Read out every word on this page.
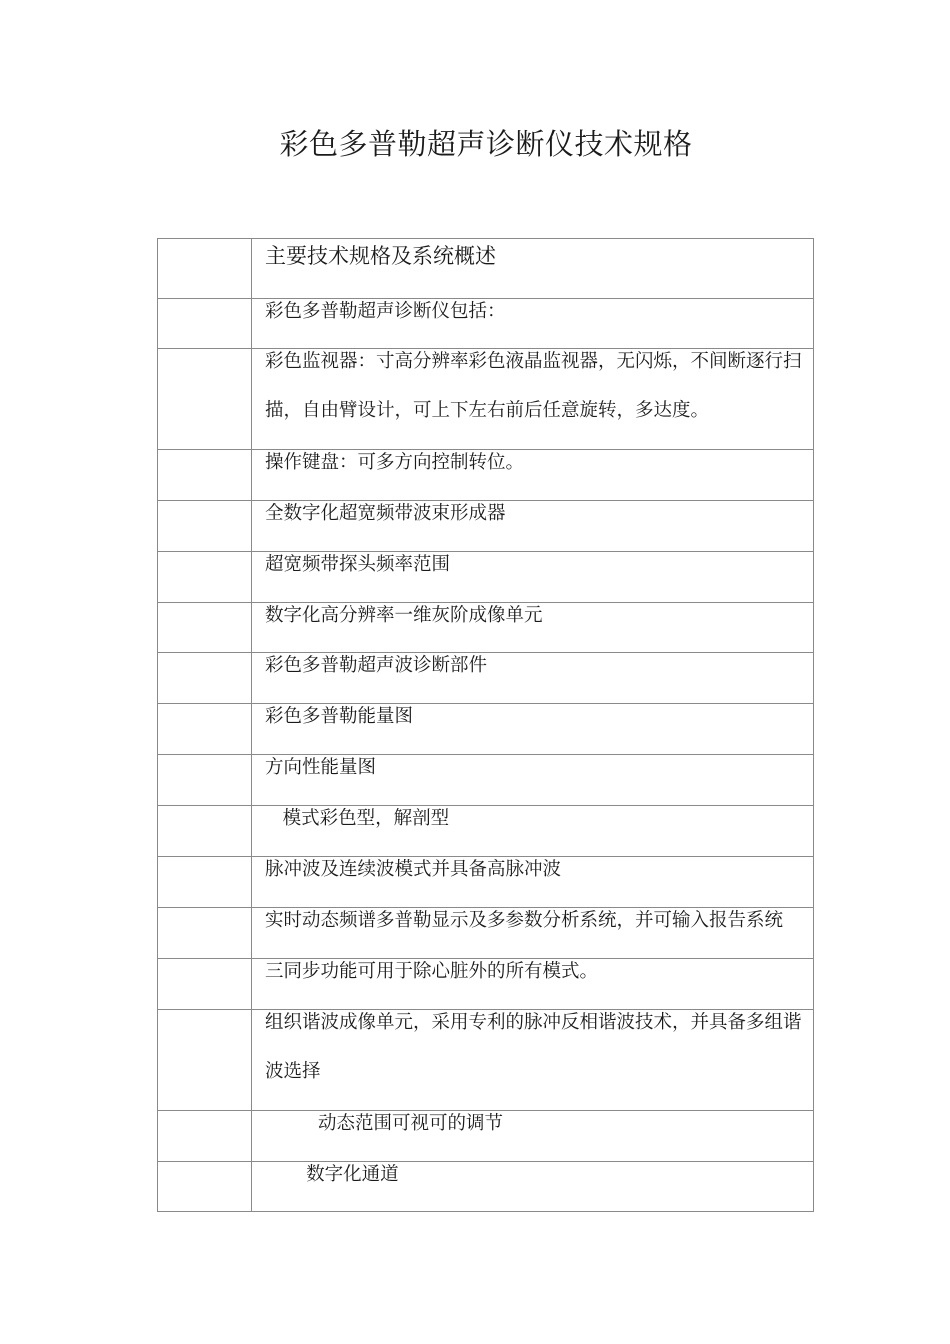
彩色多普勒超声诊断仪技术规格

	主要技术规格及系统概述

	彩色多普勒超声诊断仪包括：

	彩色监视器：寸高分辨率彩色液晶监视器，无闪烁，不间断逐行扫描，自由臂设计，可上下左右前后任意旋转，多达度。

	操作键盘：可多方向控制转位。

	全数字化超宽频带波束形成器

	超宽频带探头频率范围

	数字化高分辨率一维灰阶成像单元

	彩色多普勒超声波诊断部件

	彩色多普勒能量图

	方向性能量图

	模式彩色型，解剖型

	脉冲波及连续波模式并具备高脉冲波

	实时动态频谱多普勒显示及多参数分析系统，并可输入报告系统

	三同步功能可用于除心脏外的所有模式。

	组织谐波成像单元，采用专利的脉冲反相谐波技术，并具备多组谐波选择

	动态范围可视可的调节

	数字化通道
